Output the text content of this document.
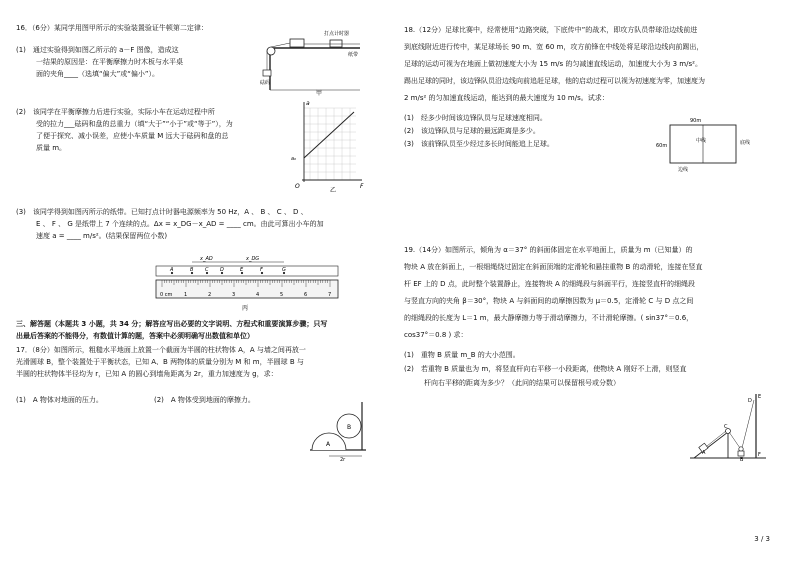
16．（6分）某同学用图甲所示的实验装置验证牛顿第二定律：
(1)　通过实验得到如图乙所示的 a－F 图像，造成这
一结果的原因是：在平衡摩擦力时木板与水平桌
面的夹角____（选填“偏大”或“偏小”）。
打点计时器
纸带
砝码
甲
(2)　该同学在平衡摩擦力后进行实验，实际小车在运动过程中所
受的拉力___砝码和盘的总重力（填“大于”“小于”或“等于”），为
了便于探究、减小误差，应使小车质量 M 远大于砝码和盘的总
质量 m。
a
F
O
a₀
乙
(3)　该同学得到如图丙所示的纸带。已知打点计时器电源频率为 50 Hz，A 、 B 、 C 、 D 、
E 、 F 、 G 是纸带上 7 个连续的点。Δx = x_DG－x_AD = ____ cm。由此可算出小车的加
速度 a = ____ m/s²。(结果保留两位小数)
x_AD	x_DG
A	B C D	E	F	G
0 cm 1	2	3	4	5	6	7
丙
三、解答题（本题共 3 小题，共 34 分；解答应写出必要的文字说明、方程式和重要演算步骤；只写
出最后答案的不能得分，有数值计算的题，答案中必须明确写出数值和单位）
17．（8分）如图所示，粗糙水平地面上放置一个截面为半圆的柱状物体 A，A 与墙之间再放一
光滑圆球 B，整个装置处于平衡状态，已知 A、B 两物体的质量分别为 M 和 m，半圆球 B 与
半圆的柱状物体半径均为 r，已知 A 的圆心到墙角距离为 2r，重力加速度为 g，求：
(1)　A 物体对地面的压力。	(2)　A 物体受到地面的摩擦力。
A
B
2r
18.（12分）足球比赛中，经常使用“边路突破，下底传中”的战术，即攻方队员带球沿边线前进
到底线附近进行传中，某足球场长 90 m、宽 60 m，攻方前锋在中线处将足球沿边线向前踢出，
足球的运动可视为在地面上做初速度大小为 15 m/s 的匀减速直线运动，加速度大小为 3 m/s²。
踢出足球的同时，该边锋队员沿边线向前追赶足球，他的启动过程可以视为初速度为零，加速度为
2 m/s² 的匀加速直线运动，能达到的最大速度为 10 m/s。试求：
(1)　经多少时间该边锋队员与足球速度相同。
(2)　该边锋队员与足球的最远距离是多少。
(3)　该前锋队员至少经过多长时间能追上足球。
90m
60m
中线	底线
边线
19.（14分）如图所示，倾角为 α＝37° 的斜面体固定在水平地面上，质量为 m（已知量）的
物块 A 放在斜面上，一根细绳绕过固定在斜面顶端的定滑轮和悬挂重物 B 的动滑轮，连接在竖直
杆 EF 上的 D 点，此时整个装置静止，连接物块 A 的细绳段与斜面平行，连接竖直杆的细绳段
与竖直方向的夹角 β＝30°，物块 A 与斜面间的动摩擦因数为 μ＝0.5，定滑轮 C 与 D 点之间
的细绳段的长度为 L＝1 m，最大静摩擦力等于滑动摩擦力，不计滑轮摩擦。( sin37°＝0.6，
cos37°＝0.8 ) 求：
(1)　重物 B 质量 m_B 的大小范围。
(2)　若重物 B 质量也为 m，将竖直杆向右平移一小段距离，使物块 A 刚好不上滑，则竖直
杆向右平移的距离为多少？（此问的结果可以保留根号或分数）
A
B
C
D
E
F
3 / 3
